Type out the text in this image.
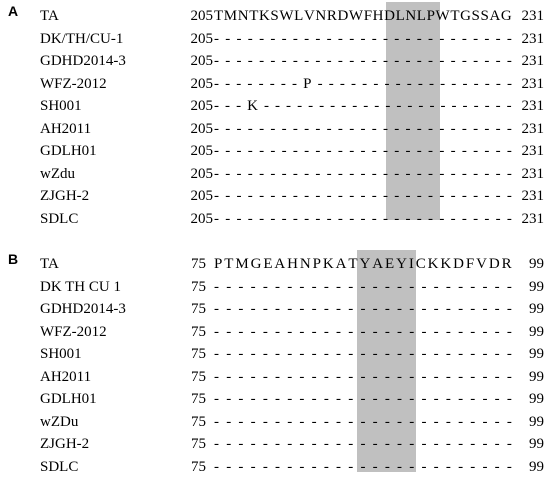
A TA	205 T M N T K S W L V N R D W F H D L N L P W T G S S A G 231
DK/TH/CU-1	205 - - - - - - - - - - - - - - - - - - - - - - - - - - - 231
GDHD2014-3	205 - - - - - - - - - - - - - - - - - - - - - - - - - - - 231
WFZ-2012	205 - - - - - - - - P - - - - - - - - - - - - - - - - - - 231
SH001	205 - - - K - - - - - - - - - - - - - - - - - - - - - - - 231
AH2011	205 - - - - - - - - - - - - - - - - - - - - - - - - - - - 231
GDLH01	205 - - - - - - - - - - - - - - - - - - - - - - - - - - - 231
wZdu	205 - - - - - - - - - - - - - - - - - - - - - - - - - - - 231
ZJGH-2	205 - - - - - - - - - - - - - - - - - - - - - - - - - - - 231
SDLC	205 - - - - - - - - - - - - - - - - - - - - - - - - - - - 231
B TA	75 P T M G E A H N P K A T Y A E Y I C K K D F V D R	99
DK TH CU 1	75 - - - - - - - - - - - - - - - - - - - - - - - - -	99
GDHD2014-3	75 - - - - - - - - - - - - - - - - - - - - - - - - -	99
WFZ-2012	75 - - - - - - - - - - - - - - - - - - - - - - - - -	99
SH001	75 - - - - - - - - - - - - - - - - - - - - - - - - -	99
AH2011	75 - - - - - - - - - - - - - - - - - - - - - - - - -	99
GDLH01	75 - - - - - - - - - - - - - - - - - - - - - - - - -	99
wZDu	75 - - - - - - - - - - - - - - - - - - - - - - - - -	99
ZJGH-2	75 - - - - - - - - - - - - - - - - - - - - - - - - -	99
SDLC	75 - - - - - - - - - - - - - - - - - - - - - - - - -	99
